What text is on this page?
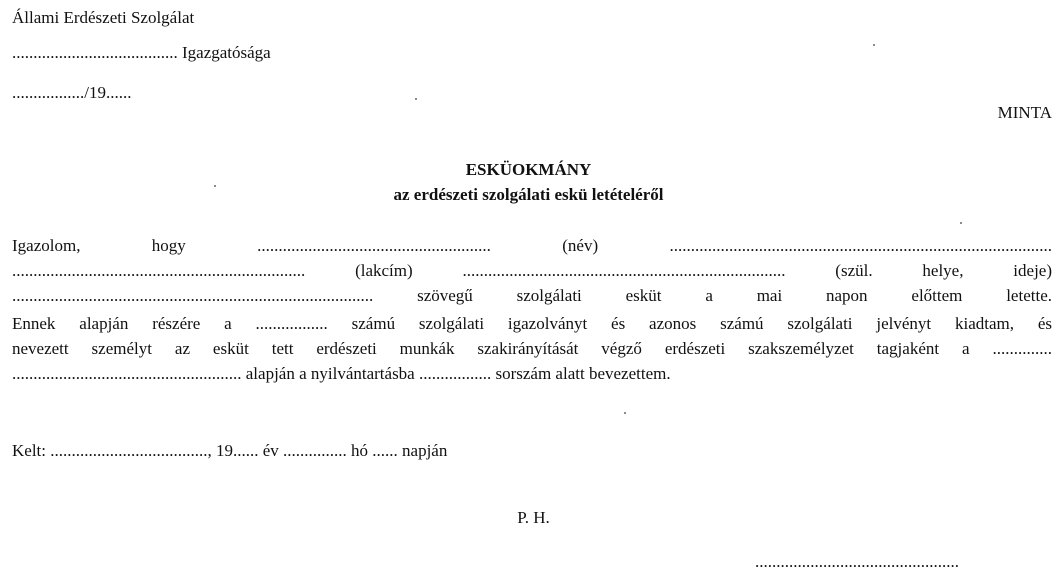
Állami Erdészeti Szolgálat
....................................... Igazgatósága
................./19......
MINTA
ESKÜOKMÁNY
az erdészeti szolgálati eskü letételéről
Igazolom, hogy ....................................................... (név) ..........................................................................................
..................................................................... (lakcím) ............................................................................ (szül. helye, ideje)
..................................................................................... szövegű szolgálati esküt a mai napon előttem letette.
Ennek alapján részére a ................. számú szolgálati igazolványt és azonos számú szolgálati jelvényt kiadtam, és
nevezett személyt az esküt tett erdészeti munkák szakirányítását végző erdészeti szakszemélyzet tagjaként a ..............
...................................................... alapján a nyilvántartásba ................. sorszám alatt bevezettem.
Kelt: ....................................., 19...... év ............... hó ...... napján
P. H.
................................................
